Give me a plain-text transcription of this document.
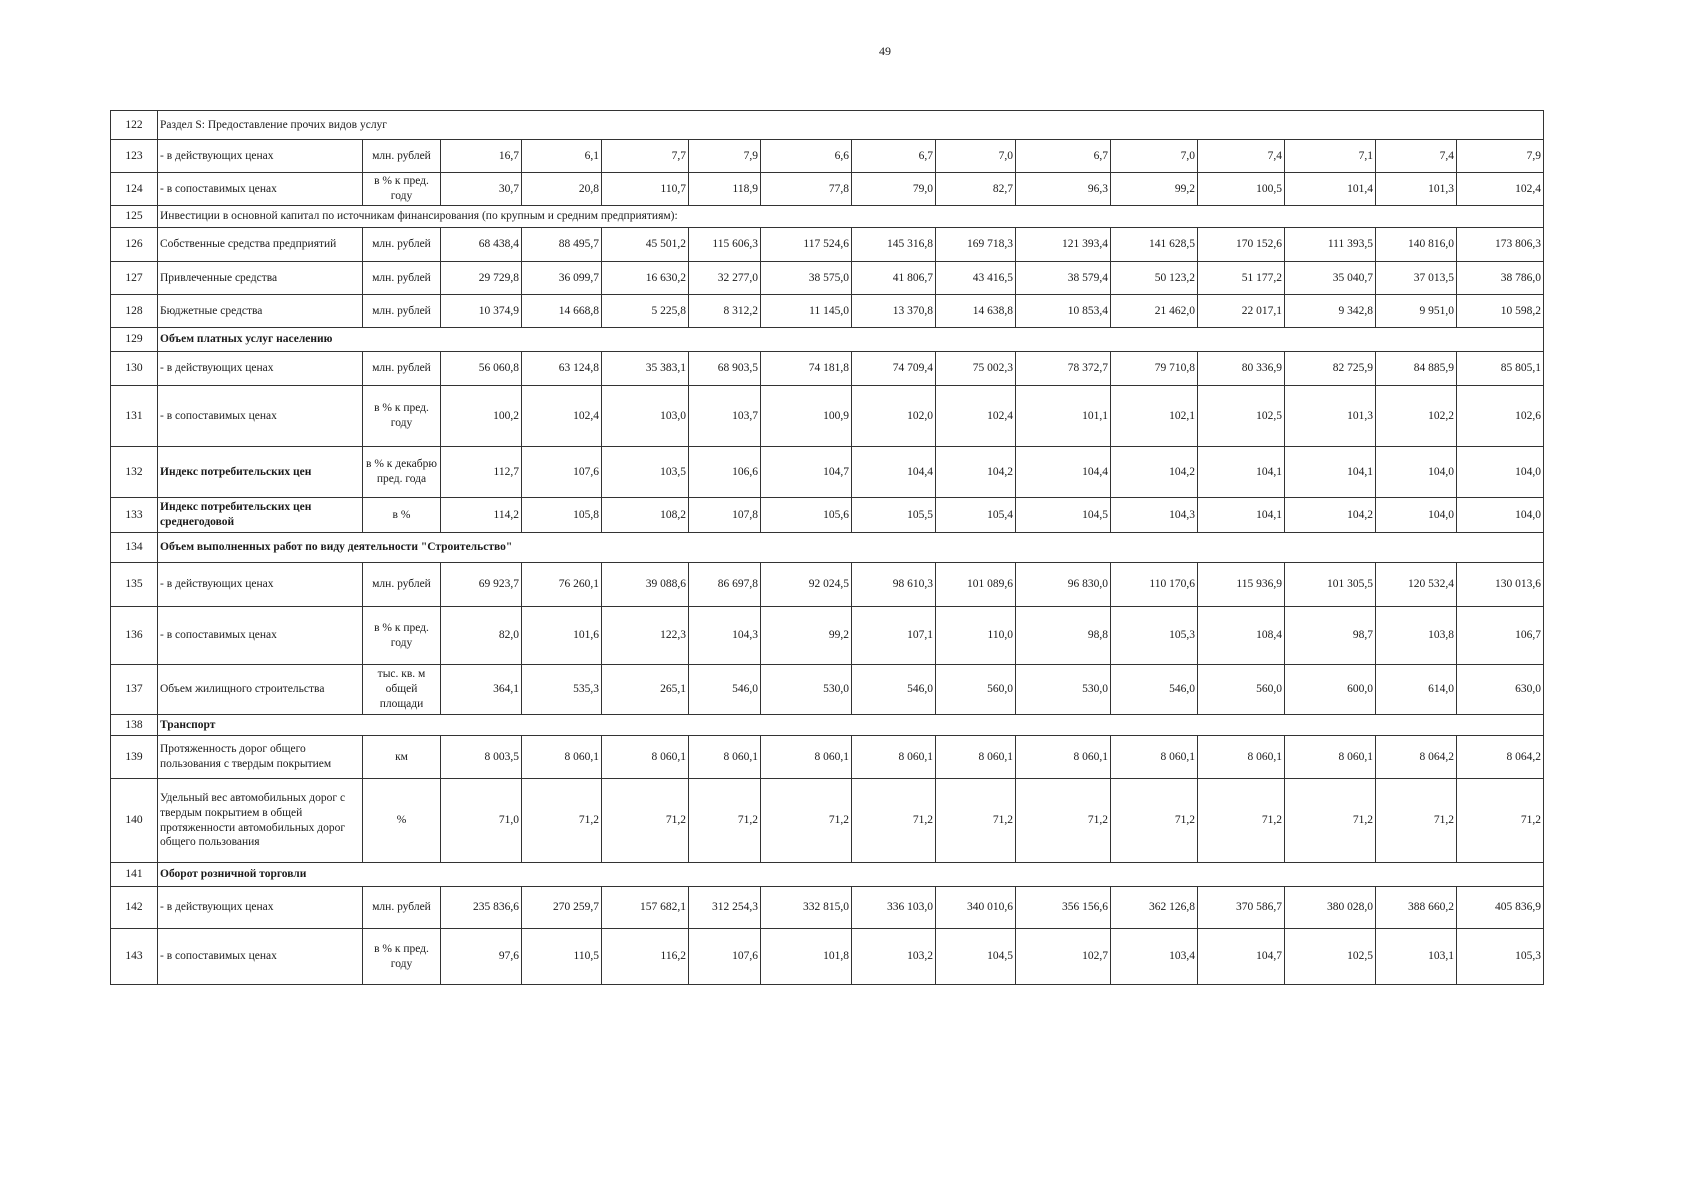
49
122	Раздел S: Предоставление прочих видов услуг														
123	- в действующих ценах	млн. рублей	16,7	6,1	7,7	7,9	6,6	6,7	7,0	6,7	7,0	7,4	7,1	7,4	7,9
124	- в сопоставимых ценах	в % к пред. году	30,7	20,8	110,7	118,9	77,8	79,0	82,7	96,3	99,2	100,5	101,4	101,3	102,4
125	Инвестиции в основной капитал по источникам финансирования (по крупным и средним предприятиям):														
126	Собственные средства предприятий	млн. рублей	68 438,4	88 495,7	45 501,2	115 606,3	117 524,6	145 316,8	169 718,3	121 393,4	141 628,5	170 152,6	111 393,5	140 816,0	173 806,3
127	Привлеченные средства	млн. рублей	29 729,8	36 099,7	16 630,2	32 277,0	38 575,0	41 806,7	43 416,5	38 579,4	50 123,2	51 177,2	35 040,7	37 013,5	38 786,0
128	Бюджетные средства	млн. рублей	10 374,9	14 668,8	5 225,8	8 312,2	11 145,0	13 370,8	14 638,8	10 853,4	21 462,0	22 017,1	9 342,8	9 951,0	10 598,2
129	Объем платных услуг населению														
130	- в действующих ценах	млн. рублей	56 060,8	63 124,8	35 383,1	68 903,5	74 181,8	74 709,4	75 002,3	78 372,7	79 710,8	80 336,9	82 725,9	84 885,9	85 805,1
131	- в сопоставимых ценах	в % к пред. году	100,2	102,4	103,0	103,7	100,9	102,0	102,4	101,1	102,1	102,5	101,3	102,2	102,6
132	Индекс потребительских цен	в % к декабрю пред. года	112,7	107,6	103,5	106,6	104,7	104,4	104,2	104,4	104,2	104,1	104,1	104,0	104,0
133	Индекс потребительских цен среднегодовой	в %	114,2	105,8	108,2	107,8	105,6	105,5	105,4	104,5	104,3	104,1	104,2	104,0	104,0
134	Объем выполненных работ по виду деятельности "Строительство"														
135	- в действующих ценах	млн. рублей	69 923,7	76 260,1	39 088,6	86 697,8	92 024,5	98 610,3	101 089,6	96 830,0	110 170,6	115 936,9	101 305,5	120 532,4	130 013,6
136	- в сопоставимых ценах	в % к пред. году	82,0	101,6	122,3	104,3	99,2	107,1	110,0	98,8	105,3	108,4	98,7	103,8	106,7
137	Объем жилищного строительства	тыс. кв. м общей площади	364,1	535,3	265,1	546,0	530,0	546,0	560,0	530,0	546,0	560,0	600,0	614,0	630,0
138	Транспорт														
139	Протяженность дорог общего пользования с твердым покрытием	км	8 003,5	8 060,1	8 060,1	8 060,1	8 060,1	8 060,1	8 060,1	8 060,1	8 060,1	8 060,1	8 060,1	8 064,2	8 064,2
140	Удельный вес автомобильных дорог с твердым покрытием в общей протяженности автомобильных дорог общего пользования	%	71,0	71,2	71,2	71,2	71,2	71,2	71,2	71,2	71,2	71,2	71,2	71,2	71,2
141	Оборот розничной торговли														
142	- в действующих ценах	млн. рублей	235 836,6	270 259,7	157 682,1	312 254,3	332 815,0	336 103,0	340 010,6	356 156,6	362 126,8	370 586,7	380 028,0	388 660,2	405 836,9
143	- в сопоставимых ценах	в % к пред. году	97,6	110,5	116,2	107,6	101,8	103,2	104,5	102,7	103,4	104,7	102,5	103,1	105,3
